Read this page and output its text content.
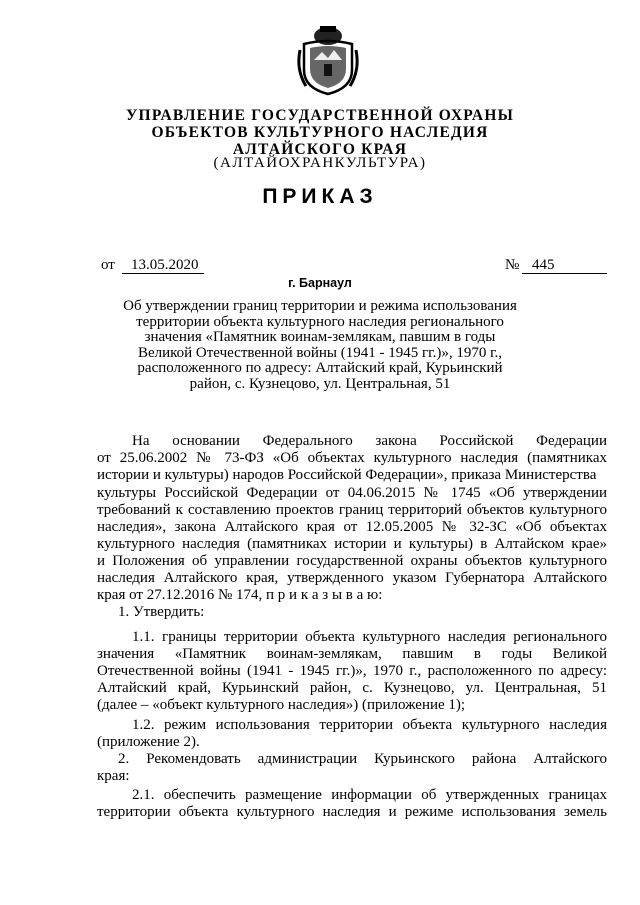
УПРАВЛЕНИЕ ГОСУДАРСТВЕННОЙ ОХРАНЫ
ОБЪЕКТОВ КУЛЬТУРНОГО НАСЛЕДИЯ
АЛТАЙСКОГО КРАЯ
(АЛТАЙОХРАНКУЛЬТУРА)
ПРИКАЗ
от 13.05.2020	№ 445
г. Барнаул
Об утверждении границ территории и режима использования
территории объекта культурного наследия регионального
значения «Памятник воинам-землякам, павшим в годы
Великой Отечественной войны (1941 - 1945 гг.)», 1970 г.,
расположенного по адресу: Алтайский край, Курьинский
район, с. Кузнецово, ул. Центральная, 51
На основании Федерального закона Российской Федерации
от 25.06.2002 № 73-ФЗ «Об объектах культурного наследия (памятниках
истории и культуры) народов Российской Федерации», приказа Министерства
культуры Российской Федерации от 04.06.2015 № 1745 «Об утверждении
требований к составлению проектов границ территорий объектов культурного
наследия», закона Алтайского края от 12.05.2005 № 32-ЗС «Об объектах
культурного наследия (памятниках истории и культуры) в Алтайском крае»
и Положения об управлении государственной охраны объектов культурного
наследия Алтайского края, утвержденного указом Губернатора Алтайского
края от 27.12.2016 № 174, п р и к а з ы в а ю:
1. Утвердить:
1.1. границы территории объекта культурного наследия регионального
значения «Памятник воинам-землякам, павшим в годы Великой
Отечественной войны (1941 - 1945 гг.)», 1970 г., расположенного по адресу:
Алтайский край, Курьинский район, с. Кузнецово, ул. Центральная, 51
(далее – «объект культурного наследия») (приложение 1);
1.2. режим использования территории объекта культурного наследия
(приложение 2).
2. Рекомендовать администрации Курьинского района Алтайского
края:
2.1. обеспечить размещение информации об утвержденных границах
территории объекта культурного наследия и режиме использования земель
